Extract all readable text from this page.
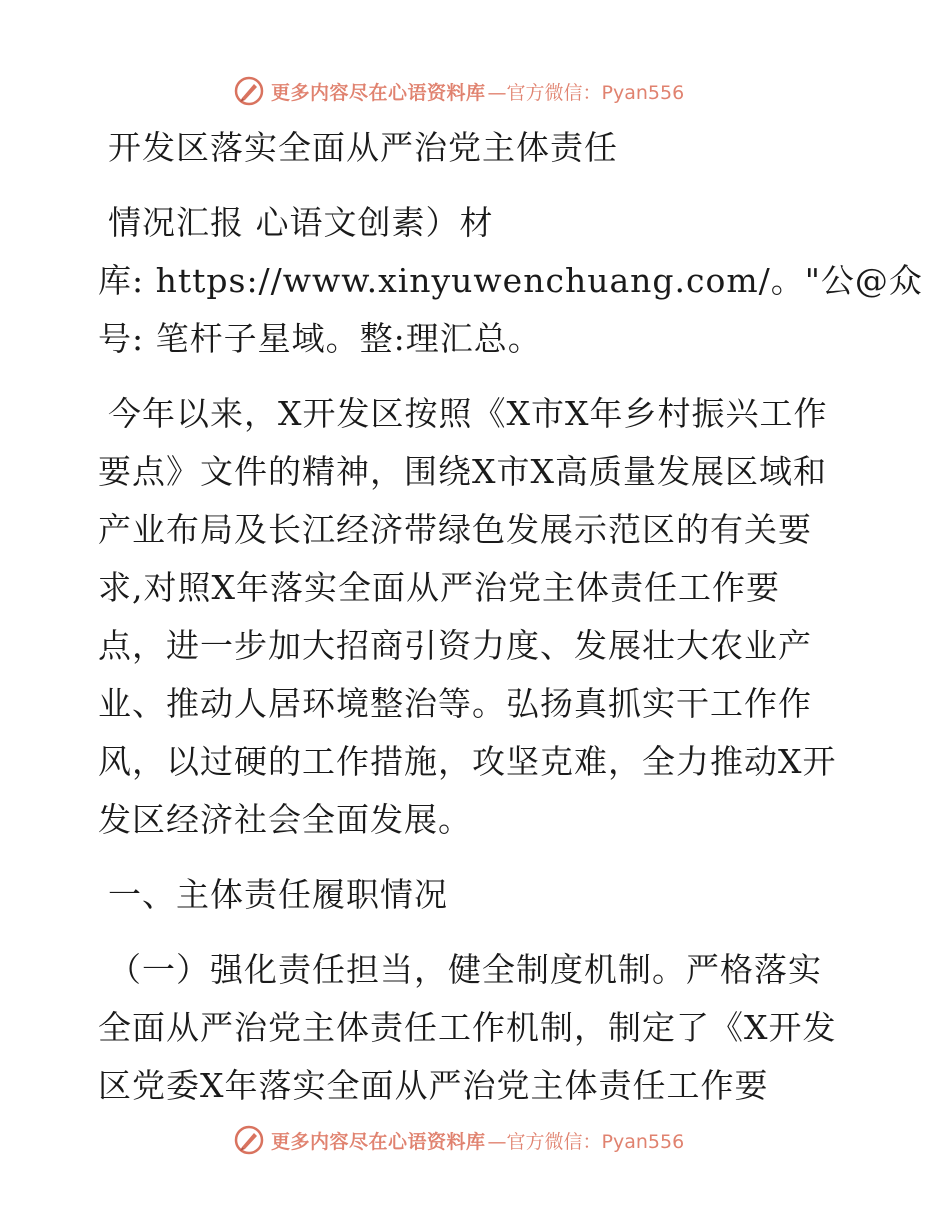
更多内容尽在心语资料库 —官方微信：Pyan556
开发区落实全面从严治党主体责任
情况汇报 心语文创素）材
库: https://www.xinyuwenchuang.com/。"公@众
号: 笔杆子星域。整:理汇总。
今年以来，X开发区按照《X市X年乡村振兴工作
要点》文件的精神，围绕X市X高质量发展区域和
产业布局及长江经济带绿色发展示范区的有关要
求,对照X年落实全面从严治党主体责任工作要
点，进一步加大招商引资力度、发展壮大农业产
业、推动人居环境整治等。弘扬真抓实干工作作
风，以过硬的工作措施，攻坚克难，全力推动X开
发区经济社会全面发展。
一、主体责任履职情况
（一）强化责任担当，健全制度机制。严格落实
全面从严治党主体责任工作机制，制定了《X开发
区党委X年落实全面从严治党主体责任工作要
更多内容尽在心语资料库 —官方微信：Pyan556
